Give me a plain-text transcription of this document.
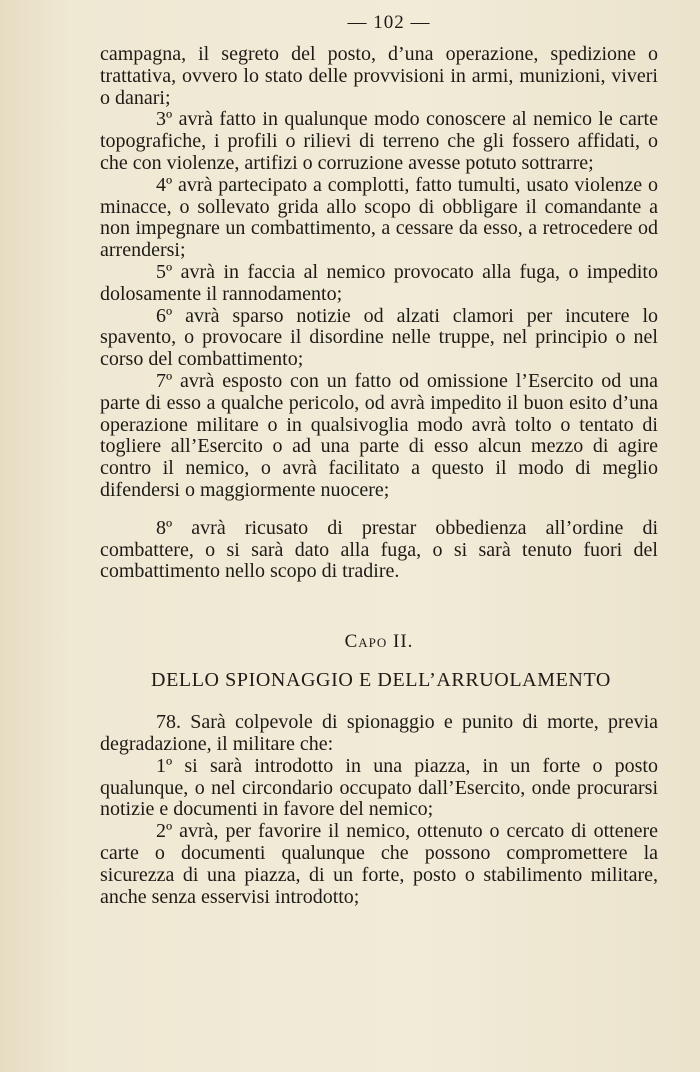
— 102 —

campagna, il segreto del posto, d’una operazione, spedizione o trattativa, ovvero lo stato delle provvisioni in armi, munizioni, viveri o danari;

3º avrà fatto in qualunque modo conoscere al nemico le carte topografiche, i profili o rilievi di terreno che gli fossero affidati, o che con violenze, artifizi o corruzione avesse potuto sottrarre;

4º avrà partecipato a complotti, fatto tumulti, usato violenze o minacce, o sollevato grida allo scopo di obbligare il comandante a non impegnare un combattimento, a cessare da esso, a retrocedere od arrendersi;

5º avrà in faccia al nemico provocato alla fuga, o impedito dolosamente il rannodamento;

6º avrà sparso notizie od alzati clamori per incutere lo spavento, o provocare il disordine nelle truppe, nel principio o nel corso del combattimento;

7º avrà esposto con un fatto od omissione l’Esercito od una parte di esso a qualche pericolo, od avrà impedito il buon esito d’una operazione militare o in qualsivoglia modo avrà tolto o tentato di togliere all’Esercito o ad una parte di esso alcun mezzo di agire contro il nemico, o avrà facilitato a questo il modo di meglio difendersi o maggiormente nuocere;

8º avrà ricusato di prestar obbedienza all’ordine di combattere, o si sarà dato alla fuga, o si sarà tenuto fuori del combattimento nello scopo di tradire.

Capo II.
DELLO SPIONAGGIO E DELL’ARRUOLAMENTO

78. Sarà colpevole di spionaggio e punito di morte, previa degradazione, il militare che:

1º si sarà introdotto in una piazza, in un forte o posto qualunque, o nel circondario occupato dall’Esercito, onde procurarsi notizie e documenti in favore del nemico;

2º avrà, per favorire il nemico, ottenuto o cercato di ottenere carte o documenti qualunque che possono compromettere la sicurezza di una piazza, di un forte, posto o stabilimento militare, anche senza esservisi introdotto;
